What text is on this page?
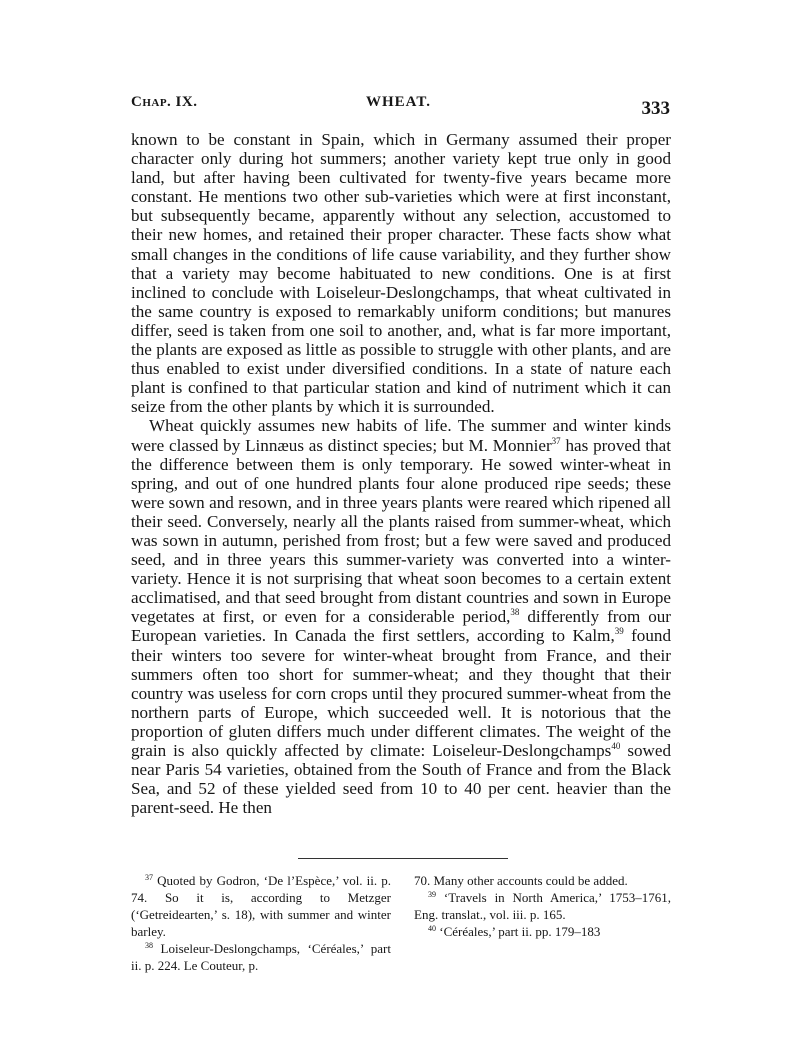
Chap. IX.	WHEAT.	333

known to be constant in Spain, which in Germany assumed their proper character only during hot summers; another variety kept true only in good land, but after having been cultivated for twenty-five years became more constant. He mentions two other sub-varieties which were at first inconstant, but subsequently became, apparently without any selection, accustomed to their new homes, and retained their proper character. These facts show what small changes in the conditions of life cause variability, and they further show that a variety may become habituated to new conditions. One is at first inclined to conclude with Loiseleur-Deslongchamps, that wheat cultivated in the same country is exposed to remarkably uniform conditions; but manures differ, seed is taken from one soil to another, and, what is far more important, the plants are exposed as little as possible to struggle with other plants, and are thus enabled to exist under diversified conditions. In a state of nature each plant is confined to that particular station and kind of nutriment which it can seize from the other plants by which it is surrounded.

Wheat quickly assumes new habits of life. The summer and winter kinds were classed by Linnæus as distinct species; but M. Monnier$^{37}$ has proved that the difference between them is only temporary. He sowed winter-wheat in spring, and out of one hundred plants four alone produced ripe seeds; these were sown and resown, and in three years plants were reared which ripened all their seed. Conversely, nearly all the plants raised from summer-wheat, which was sown in autumn, perished from frost; but a few were saved and produced seed, and in three years this summer-variety was converted into a winter-variety. Hence it is not surprising that wheat soon becomes to a certain extent acclimatised, and that seed brought from distant countries and sown in Europe vegetates at first, or even for a considerable period,$^{38}$ differently from our European varieties. In Canada the first settlers, according to Kalm,$^{39}$ found their winters too severe for winter-wheat brought from France, and their summers often too short for summer-wheat; and they thought that their country was useless for corn crops until they procured summer-wheat from the northern parts of Europe, which succeeded well. It is notorious that the proportion of gluten differs much under different climates. The weight of the grain is also quickly affected by climate: Loiseleur-Deslongchamps$^{40}$ sowed near Paris 54 varieties, obtained from the South of France and from the Black Sea, and 52 of these yielded seed from 10 to 40 per cent. heavier than the parent-seed. He then

$^{37}$ Quoted by Godron, ‘De l’Espèce,’ vol. ii. p. 74. So it is, according to Metzger (‘Getreidearten,’ s. 18), with summer and winter barley.

$^{38}$ Loiseleur-Deslongchamps, ‘Céréales,’ part ii. p. 224. Le Couteur, p.

70. Many other accounts could be added.

$^{39}$ ‘Travels in North America,’ 1753–1761, Eng. translat., vol. iii. p. 165.

$^{40}$ ‘Céréales,’ part ii. pp. 179–183
